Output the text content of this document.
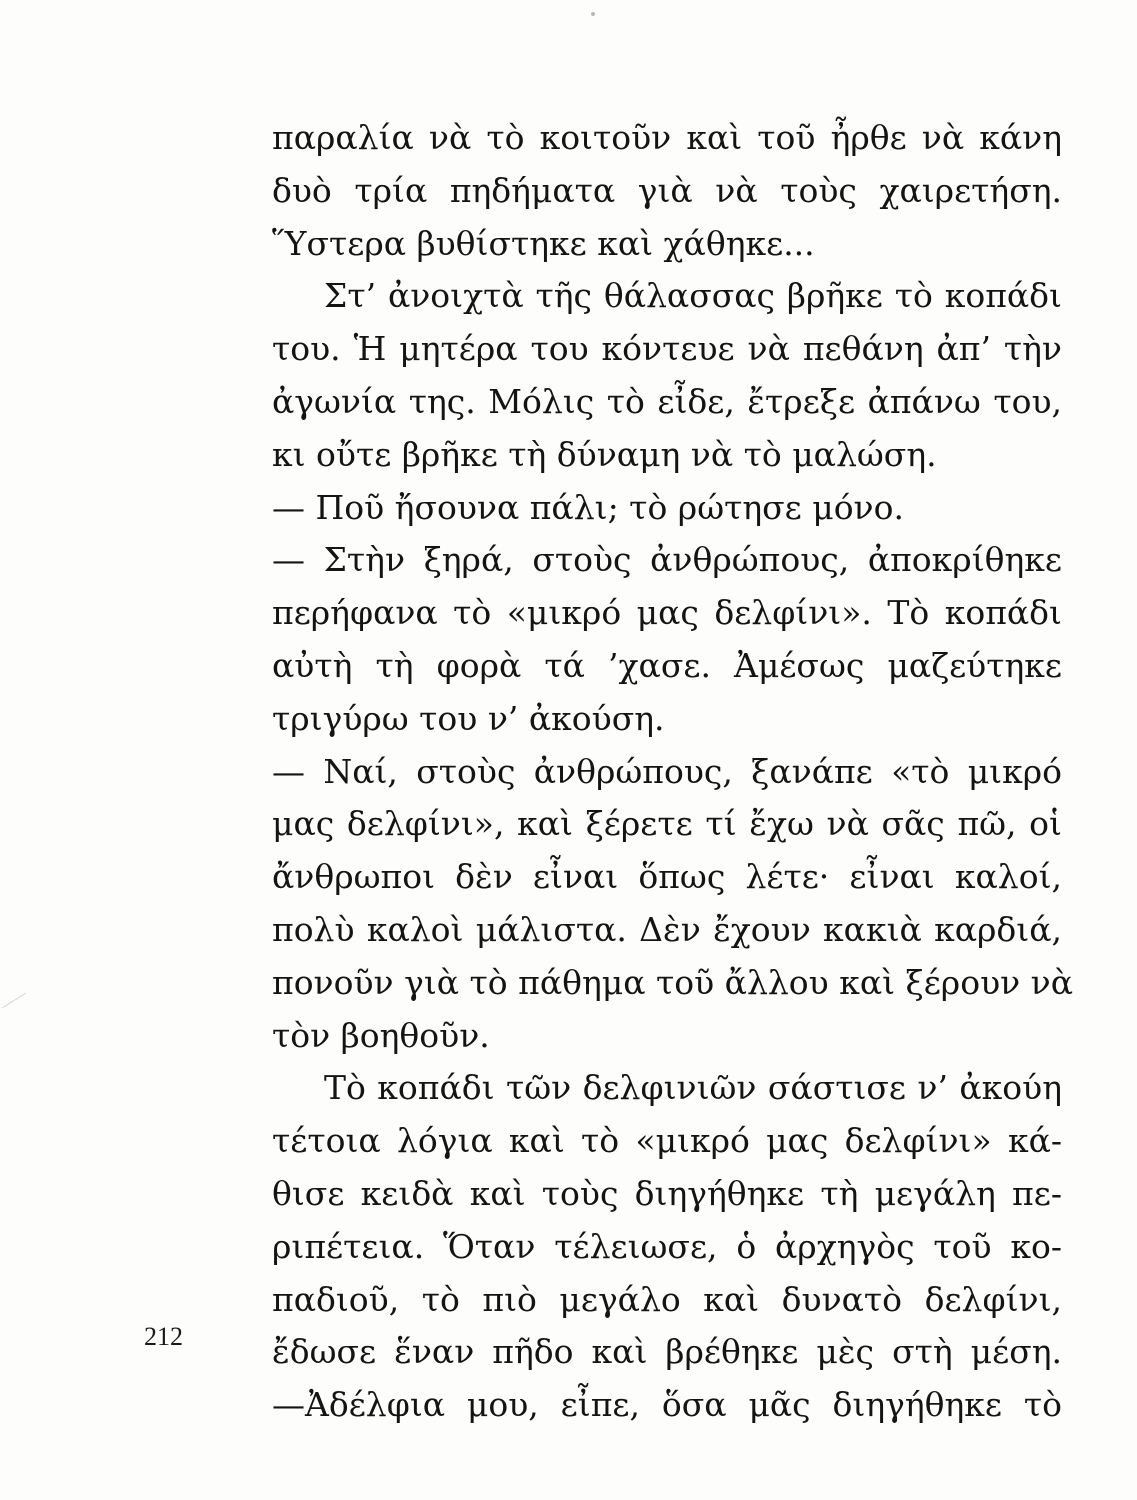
παραλία νὰ τὸ κοιτοῦν καὶ τοῦ ἦρθε νὰ κάνη
δυὸ τρία πηδήματα γιὰ νὰ τοὺς χαιρετήση.
Ὕστερα βυθίστηκε καὶ χάθηκε...
Στ’ ἀνοιχτὰ τῆς θάλασσας βρῆκε τὸ κοπάδι
του. Ἡ μητέρα του κόντευε νὰ πεθάνη ἀπ’ τὴν
ἀγωνία της. Μόλις τὸ εἶδε, ἔτρεξε ἀπάνω του,
κι οὔτε βρῆκε τὴ δύναμη νὰ τὸ μαλώση.
— Ποῦ ἤσουνα πάλι; τὸ ρώτησε μόνο.
— Στὴν ξηρά, στοὺς ἀνθρώπους, ἀποκρίθηκε
περήφανα τὸ «μικρό μας δελφίνι». Τὸ κοπάδι
αὐτὴ τὴ φορὰ τά ’χασε. Ἀμέσως μαζεύτηκε
τριγύρω του ν’ ἀκούση.
— Ναί, στοὺς ἀνθρώπους, ξανάπε «τὸ μικρό
μας δελφίνι», καὶ ξέρετε τί ἔχω νὰ σᾶς πῶ, οἱ
ἄνθρωποι δὲν εἶναι ὅπως λέτε· εἶναι καλοί,
πολὺ καλοὶ μάλιστα. Δὲν ἔχουν κακιὰ καρδιά,
πονοῦν γιὰ τὸ πάθημα τοῦ ἄλλου καὶ ξέρουν νὰ
τὸν βοηθοῦν.
Τὸ κοπάδι τῶν δελφινιῶν σάστισε ν’ ἀκούη
τέτοια λόγια καὶ τὸ «μικρό μας δελφίνι» κά-
θισε κειδὰ καὶ τοὺς διηγήθηκε τὴ μεγάλη πε-
ριπέτεια. Ὅταν τέλειωσε, ὁ ἀρχηγὸς τοῦ κο-
παδιοῦ, τὸ πιὸ μεγάλο καὶ δυνατὸ δελφίνι,
ἔδωσε ἕναν πῆδο καὶ βρέθηκε μὲς στὴ μέση.
—Ἀδέλφια μου, εἶπε, ὅσα μᾶς διηγήθηκε τὸ
212
